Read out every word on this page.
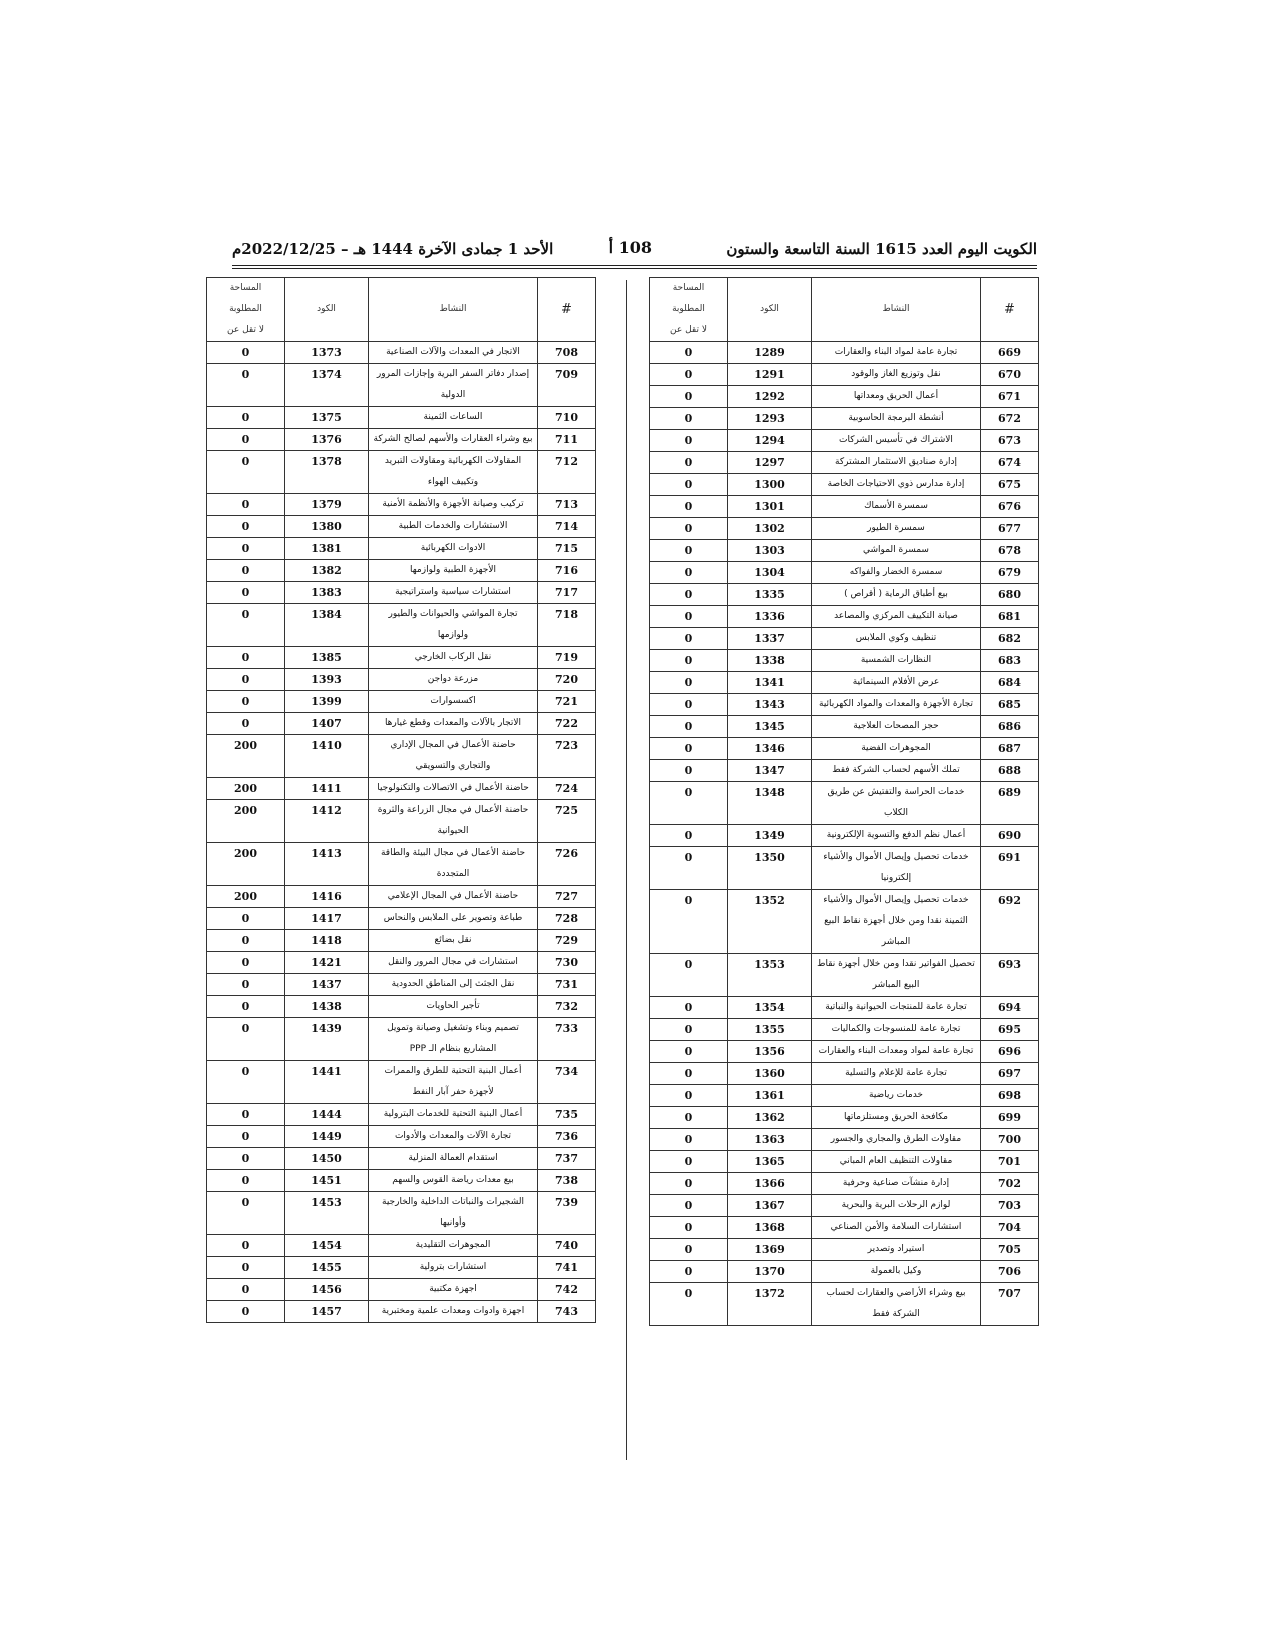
الكويت اليوم العدد 1615 السنة التاسعة والستون
108 أ
الأحد 1 جمادى الآخرة 1444 هـ – 2022/12/25م
#	النشاط	الكود	المساحة
المطلوبة
لا تقل عن

669	تجارة عامة لمواد البناء والعقارات	1289	0
670	نقل وتوزيع الغاز والوقود	1291	0
671	أعمال الحريق ومعداتها	1292	0
672	أنشطة البرمجة الحاسوبية	1293	0
673	الاشتراك في تأسيس الشركات	1294	0
674	إدارة صناديق الاستثمار المشتركة	1297	0
675	إدارة مدارس ذوي الاحتياجات الخاصة	1300	0
676	سمسرة الأسماك	1301	0
677	سمسرة الطيور	1302	0
678	سمسرة المواشي	1303	0
679	سمسرة الخضار والفواكه	1304	0
680	بيع أطباق الرماية ( أقراص )	1335	0
681	صيانة التكييف المركزي والمصاعد	1336	0
682	تنظيف وكوي الملابس	1337	0
683	النظارات الشمسية	1338	0
684	عرض الأفلام السينمائية	1341	0
685	تجارة الأجهزة والمعدات والمواد الكهربائية	1343	0
686	حجز المصحات العلاجية	1345	0
687	المجوهرات الفضية	1346	0
688	تملك الأسهم لحساب الشركة فقط	1347	0
689	خدمات الحراسة والتفتيش عن طريق الكلاب	1348	0
690	أعمال نظم الدفع والتسوية الإلكترونية	1349	0
691	خدمات تحصيل وإيصال الأموال والأشياء إلكترونيا	1350	0
692	خدمات تحصيل وإيصال الأموال والأشياء الثمينة نقدا ومن خلال أجهزة نقاط البيع المباشر	1352	0
693	تحصيل الفواتير نقدا ومن خلال أجهزة نقاط البيع المباشر	1353	0
694	تجارة عامة للمنتجات الحيوانية والنباتية	1354	0
695	تجارة عامة للمنسوجات والكماليات	1355	0
696	تجارة عامة لمواد ومعدات البناء والعقارات	1356	0
697	تجارة عامة للإعلام والتسلية	1360	0
698	خدمات رياضية	1361	0
699	مكافحة الحريق ومستلزماتها	1362	0
700	مقاولات الطرق والمجاري والجسور	1363	0
701	مقاولات التنظيف العام المباني	1365	0
702	إدارة منشآت صناعية وحرفية	1366	0
703	لوازم الرحلات البرية والبحرية	1367	0
704	استشارات السلامة والأمن الصناعي	1368	0
705	استيراد وتصدير	1369	0
706	وكيل بالعمولة	1370	0
707	بيع وشراء الأراضي والعقارات لحساب الشركة فقط	1372	0
#	النشاط	الكود	المساحة
المطلوبة
لا تقل عن

708	الاتجار في المعدات والآلات الصناعية	1373	0
709	إصدار دفاتر السفر البرية وإجازات المرور الدولية	1374	0
710	الساعات الثمينة	1375	0
711	بيع وشراء العقارات والأسهم لصالح الشركة	1376	0
712	المقاولات الكهربائية ومقاولات التبريد وتكييف الهواء	1378	0
713	تركيب وصيانة الأجهزة والأنظمة الأمنية	1379	0
714	الاستشارات والخدمات الطبية	1380	0
715	الادوات الكهربائية	1381	0
716	الأجهزة الطبية ولوازمها	1382	0
717	استشارات سياسية واستراتيجية	1383	0
718	تجارة المواشي والحيوانات والطيور ولوازمها	1384	0
719	نقل الركاب الخارجي	1385	0
720	مزرعة دواجن	1393	0
721	اكسسوارات	1399	0
722	الاتجار بالآلات والمعدات وقطع غيارها	1407	0
723	حاضنة الأعمال في المجال الإداري والتجاري والتسويقي	1410	200
724	حاضنة الأعمال في الاتصالات والتكنولوجيا	1411	200
725	حاضنة الأعمال في مجال الزراعة والثروة الحيوانية	1412	200
726	حاضنة الأعمال في مجال البيئة والطاقة المتجددة	1413	200
727	حاضنة الأعمال في المجال الإعلامي	1416	200
728	طباعة وتصوير على الملابس والنحاس	1417	0
729	نقل بضائع	1418	0
730	استشارات في مجال المرور والنقل	1421	0
731	نقل الجثث إلى المناطق الحدودية	1437	0
732	تأجير الحاويات	1438	0
733	تصميم وبناء وتشغيل وصيانة وتمويل المشاريع بنظام الـ PPP	1439	0
734	أعمال البنية التحتية للطرق والممرات لأجهزة حفر آبار النفط	1441	0
735	أعمال البنية التحتية للخدمات البترولية	1444	0
736	تجارة الآلات والمعدات والأدوات	1449	0
737	استقدام العمالة المنزلية	1450	0
738	بيع معدات رياضة القوس والسهم	1451	0
739	الشجيرات والنباتات الداخلية والخارجية وأوانيها	1453	0
740	المجوهرات التقليدية	1454	0
741	استشارات بترولية	1455	0
742	اجهزة مكتبية	1456	0
743	اجهزة وادوات ومعدات علمية ومختبرية	1457	0
